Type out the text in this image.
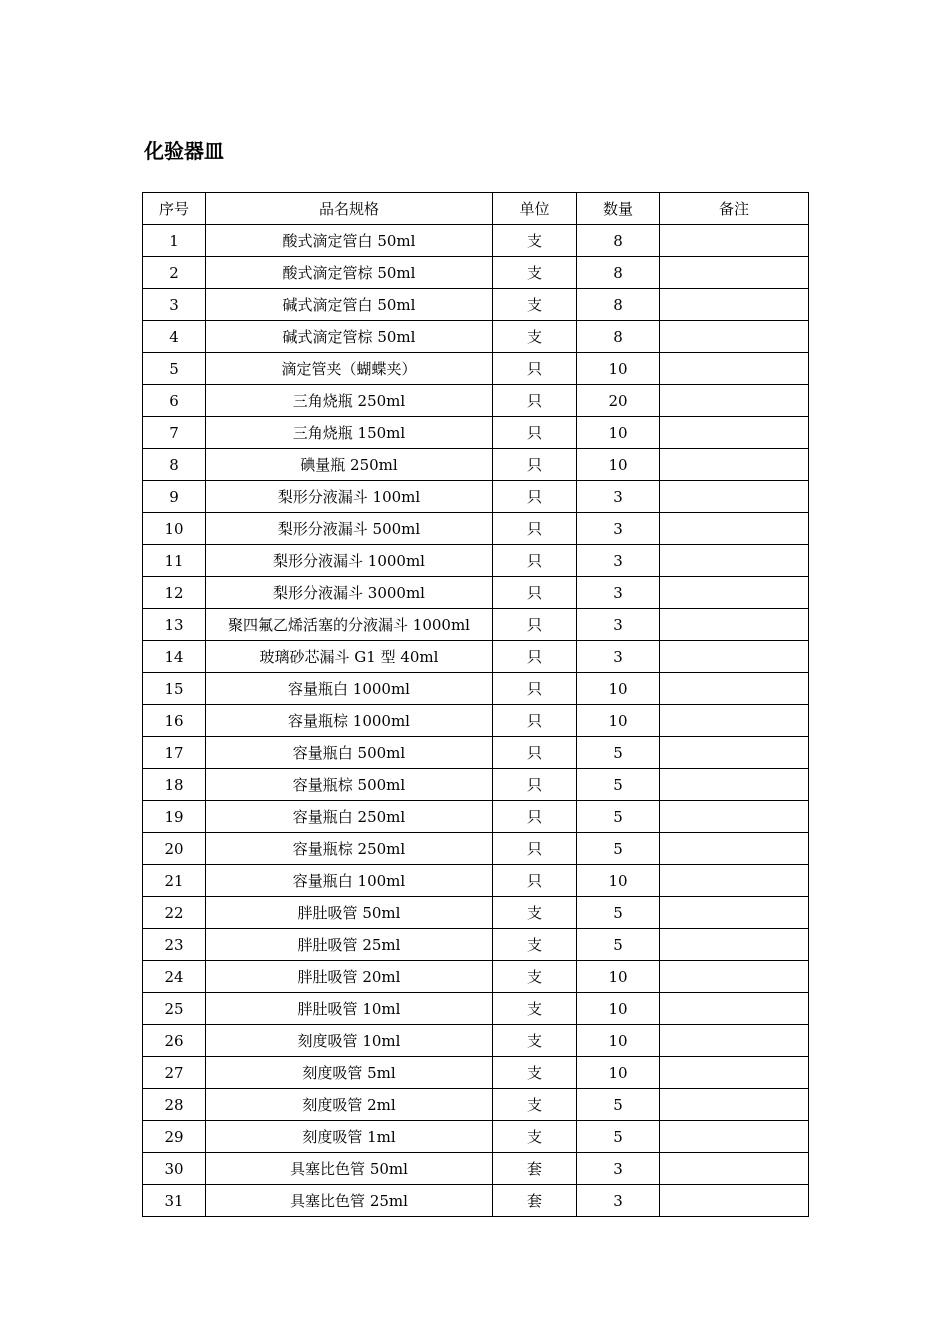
化验器皿
序号	品名规格	单位	数量	备注
1	酸式滴定管白 50ml	支	8	
2	酸式滴定管棕 50ml	支	8	
3	碱式滴定管白 50ml	支	8	
4	碱式滴定管棕 50ml	支	8	
5	滴定管夹（蝴蝶夹）	只	10	
6	三角烧瓶 250ml	只	20	
7	三角烧瓶 150ml	只	10	
8	碘量瓶 250ml	只	10	
9	梨形分液漏斗 100ml	只	3	
10	梨形分液漏斗 500ml	只	3	
11	梨形分液漏斗 1000ml	只	3	
12	梨形分液漏斗 3000ml	只	3	
13	聚四氟乙烯活塞的分液漏斗 1000ml	只	3	
14	玻璃砂芯漏斗 G1 型 40ml	只	3	
15	容量瓶白 1000ml	只	10	
16	容量瓶棕 1000ml	只	10	
17	容量瓶白 500ml	只	5	
18	容量瓶棕 500ml	只	5	
19	容量瓶白 250ml	只	5	
20	容量瓶棕 250ml	只	5	
21	容量瓶白 100ml	只	10	
22	胖肚吸管 50ml	支	5	
23	胖肚吸管 25ml	支	5	
24	胖肚吸管 20ml	支	10	
25	胖肚吸管 10ml	支	10	
26	刻度吸管 10ml	支	10	
27	刻度吸管 5ml	支	10	
28	刻度吸管 2ml	支	5	
29	刻度吸管 1ml	支	5	
30	具塞比色管 50ml	套	3	
31	具塞比色管 25ml	套	3	
